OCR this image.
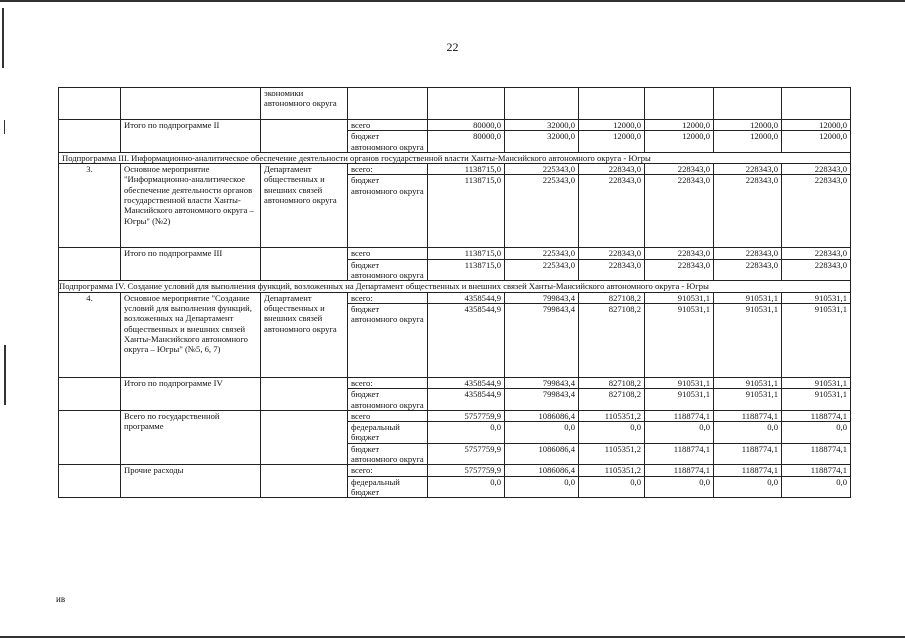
22
		экономики автономного округа							
	Итого по подпрограмме II		всего	80000,0	32000,0	12000,0	12000,0	12000,0	12000,0
			бюджет автономного округа	80000,0	32000,0	12000,0	12000,0	12000,0	12000,0
Подпрограмма III. Информационно-аналитическое обеспечение деятельности органов государственной власти Ханты-Мансийского автономного округа - Югры									
3.	Основное мероприятие "Информационно-аналитическое обеспечение деятельности органов государственной власти Ханты-Мансийского автономного округа – Югры" (№2)	Департамент общественных и внешних связей автономного округа	всего:	1138715,0	225343,0	228343,0	228343,0	228343,0	228343,0
			бюджет автономного округа	1138715,0	225343,0	228343,0	228343,0	228343,0	228343,0
	Итого по подпрограмме III		всего	1138715,0	225343,0	228343,0	228343,0	228343,0	228343,0
			бюджет автономного округа	1138715,0	225343,0	228343,0	228343,0	228343,0	228343,0
Подпрограмма IV. Создание условий для выполнения функций, возложенных на Департамент общественных и внешних связей Ханты-Мансийского автономного округа - Югры									
4.	Основное мероприятие "Создание условий для выполнения функций, возложенных на Департамент общественных и внешних связей Ханты-Мансийского автономного округа – Югры" (№5, 6, 7)	Департамент общественных и внешних связей автономного округа	всего:	4358544,9	799843,4	827108,2	910531,1	910531,1	910531,1
			бюджет автономного округа	4358544,9	799843,4	827108,2	910531,1	910531,1	910531,1
	Итого по подпрограмме IV		всего:	4358544,9	799843,4	827108,2	910531,1	910531,1	910531,1
			бюджет автономного округа	4358544,9	799843,4	827108,2	910531,1	910531,1	910531,1
	Всего по государственной программе		всего	5757759,9	1086086,4	1105351,2	1188774,1	1188774,1	1188774,1
			федеральный бюджет	0,0	0,0	0,0	0,0	0,0	0,0
			бюджет автономного округа	5757759,9	1086086,4	1105351,2	1188774,1	1188774,1	1188774,1
	Прочие расходы		всего:	5757759,9	1086086,4	1105351,2	1188774,1	1188774,1	1188774,1
			федеральный бюджет	0,0	0,0	0,0	0,0	0,0	0,0
ив
